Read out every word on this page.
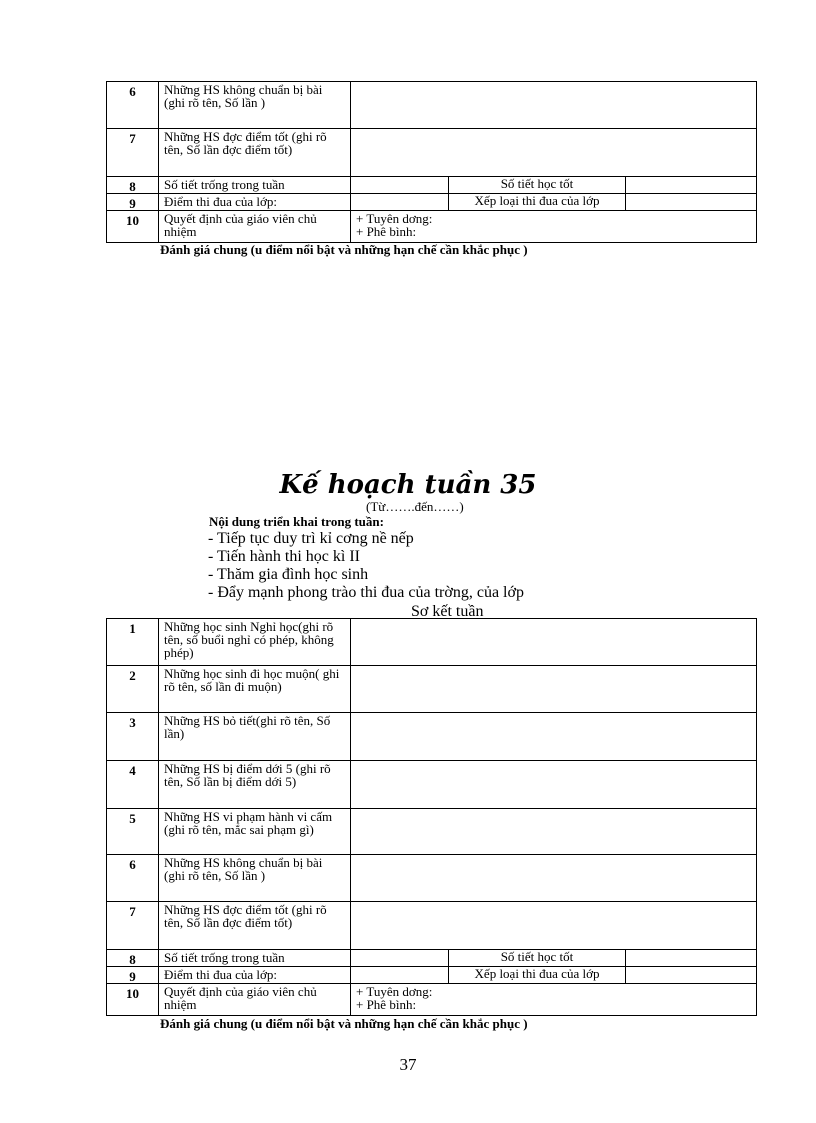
6	Những HS không chuẩn bị bài (ghi rõ tên, Số lần )			
7	Những HS đợc điểm tốt (ghi rõ tên, Số lần đợc điểm tốt)			
8	Số tiết trống trong tuần		Số tiết học tốt	
9	Điểm thi đua của lớp:		Xếp loại thi đua của lớp	
10	Quyết định của giáo viên chủ nhiệm	+ Tuyên dơng:
+ Phê bình:		
Đánh giá chung (u điểm nổi bật và những hạn chế cần khắc phục )
Kế hoạch tuần 35
(Từ…….đến……)
Nội dung triển khai trong tuần:
- Tiếp tục duy trì kỉ cơng nề nếp
- Tiến hành thi học kì II
- Thăm gia đình học sinh
- Đẩy mạnh phong trào thi đua của trờng, của lớp
Sơ kết tuần
1	Những học sinh Nghỉ học(ghi rõ tên, số buổi nghỉ có phép, không phép)			
2	Những học sinh đi học muộn( ghi rõ tên, số lần đi muộn)			
3	Những HS bỏ tiết(ghi rõ tên, Số lần)			
4	Những HS bị điểm dới 5 (ghi rõ tên, Số lần bị điểm dới 5)			
5	Những HS vi phạm hành vi cấm (ghi rõ tên, mắc sai phạm gì)			
6	Những HS không chuẩn bị bài (ghi rõ tên, Số lần )			
7	Những HS đợc điểm tốt (ghi rõ tên, Số lần đợc điểm tốt)			
8	Số tiết trống trong tuần		Số tiết học tốt	
9	Điểm thi đua của lớp:		Xếp loại thi đua của lớp	
10	Quyết định của giáo viên chủ nhiệm	+ Tuyên dơng:
+ Phê bình:		
Đánh giá chung (u điểm nổi bật và những hạn chế cần khắc phục )
37
